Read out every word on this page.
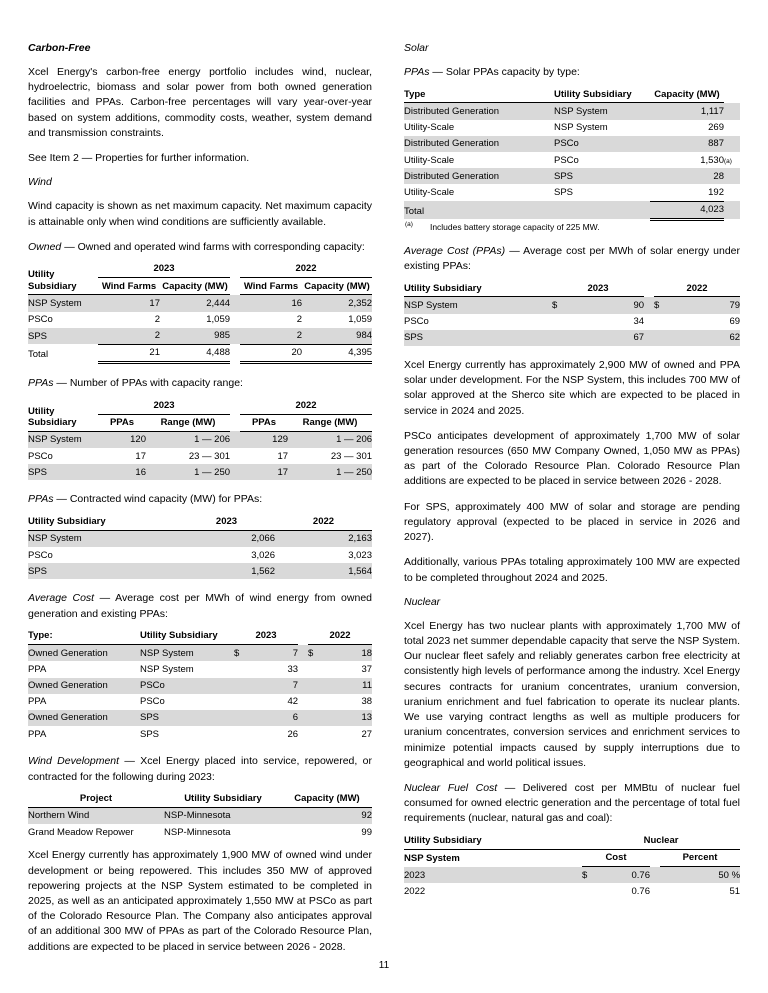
Carbon-Free

Xcel Energy's carbon-free energy portfolio includes wind, nuclear, hydroelectric, biomass and solar power from both owned generation facilities and PPAs. Carbon-free percentages will vary year-over-year based on system additions, commodity costs, weather, system demand and transmission constraints.

See Item 2 — Properties for further information.

Wind

Wind capacity is shown as net maximum capacity. Net maximum capacity is attainable only when wind conditions are sufficiently available.

Owned — Owned and operated wind farms with corresponding capacity:

Utility Subsidiary	2023			2022	
	Wind Farms	Capacity (MW)		Wind Farms	Capacity (MW)
NSP System	17	2,444		16	2,352
PSCo	2	1,059		2	1,059
SPS	2	985		2	984
Total	21	4,488		20	4,395

PPAs — Number of PPAs with capacity range:

Utility Subsidiary	2023			2022	
	PPAs	Range (MW)		PPAs	Range (MW)
NSP System	120	1 — 206		129	1 — 206
PSCo	17	23 — 301		17	23 — 301
SPS	16	1 — 250		17	1 — 250

PPAs — Contracted wind capacity (MW) for PPAs:

Utility Subsidiary	2023	2022
NSP System	2,066	2,163
PSCo	3,026	3,023
SPS	1,562	1,564

Average Cost — Average cost per MWh of wind energy from owned generation and existing PPAs:

Type:	Utility Subsidiary	2023			2022	
Owned Generation	NSP System	$	7		$	18
PPA	NSP System		33			37
Owned Generation	PSCo		7			11
PPA	PSCo		42			38
Owned Generation	SPS		6			13
PPA	SPS		26			27

Wind Development — Xcel Energy placed into service, repowered, or contracted for the following during 2023:

Project	Utility Subsidiary	Capacity (MW)
Northern Wind	NSP-Minnesota	92
Grand Meadow Repower	NSP-Minnesota	99

Xcel Energy currently has approximately 1,900 MW of owned wind under development or being repowered. This includes 350 MW of approved repowering projects at the NSP System estimated to be completed in 2025, as well as an anticipated approximately 1,550 MW at PSCo as part of the Colorado Resource Plan. The Company also anticipates approval of an additional 300 MW of PPAs as part of the Colorado Resource Plan, additions are expected to be placed in service between 2026 - 2028.

Solar

PPAs — Solar PPAs capacity by type:

Type	Utility Subsidiary	Capacity (MW)	
Distributed Generation	NSP System	1,117	
Utility-Scale	NSP System	269	
Distributed Generation	PSCo	887	
Utility-Scale	PSCo	1,530	(a)
Distributed Generation	SPS	28	
Utility-Scale	SPS	192	
Total		4,023	
$^{(a)}$ Includes battery storage capacity of 225 MW.

Average Cost (PPAs) — Average cost per MWh of solar energy under existing PPAs:

Utility Subsidiary	2023			2022	
NSP System	$	90		$	79
PSCo		34			69
SPS		67			62

Xcel Energy currently has approximately 2,900 MW of owned and PPA solar under development. For the NSP System, this includes 700 MW of solar approved at the Sherco site which are expected to be placed in service in 2024 and 2025.

PSCo anticipates development of approximately 1,700 MW of solar generation resources (650 MW Company Owned, 1,050 MW as PPAs) as part of the Colorado Resource Plan. Colorado Resource Plan additions are expected to be placed in service between 2026 - 2028.

For SPS, approximately 400 MW of solar and storage are pending regulatory approval (expected to be placed in service in 2026 and 2027).

Additionally, various PPAs totaling approximately 100 MW are expected to be completed throughout 2024 and 2025.

Nuclear

Xcel Energy has two nuclear plants with approximately 1,700 MW of total 2023 net summer dependable capacity that serve the NSP System. Our nuclear fleet safely and reliably generates carbon free electricity at consistently high levels of performance among the industry. Xcel Energy secures contracts for uranium concentrates, uranium conversion, uranium enrichment and fuel fabrication to operate its nuclear plants. We use varying contract lengths as well as multiple producers for uranium concentrates, conversion services and enrichment services to minimize potential impacts caused by supply interruptions due to geographical and world political issues.

Nuclear Fuel Cost — Delivered cost per MMBtu of nuclear fuel consumed for owned electric generation and the percentage of total fuel requirements (nuclear, natural gas and coal):

Utility Subsidiary	Nuclear			
NSP System	Cost			Percent
2023	$	0.76		50 %
2022		0.76		51
11
